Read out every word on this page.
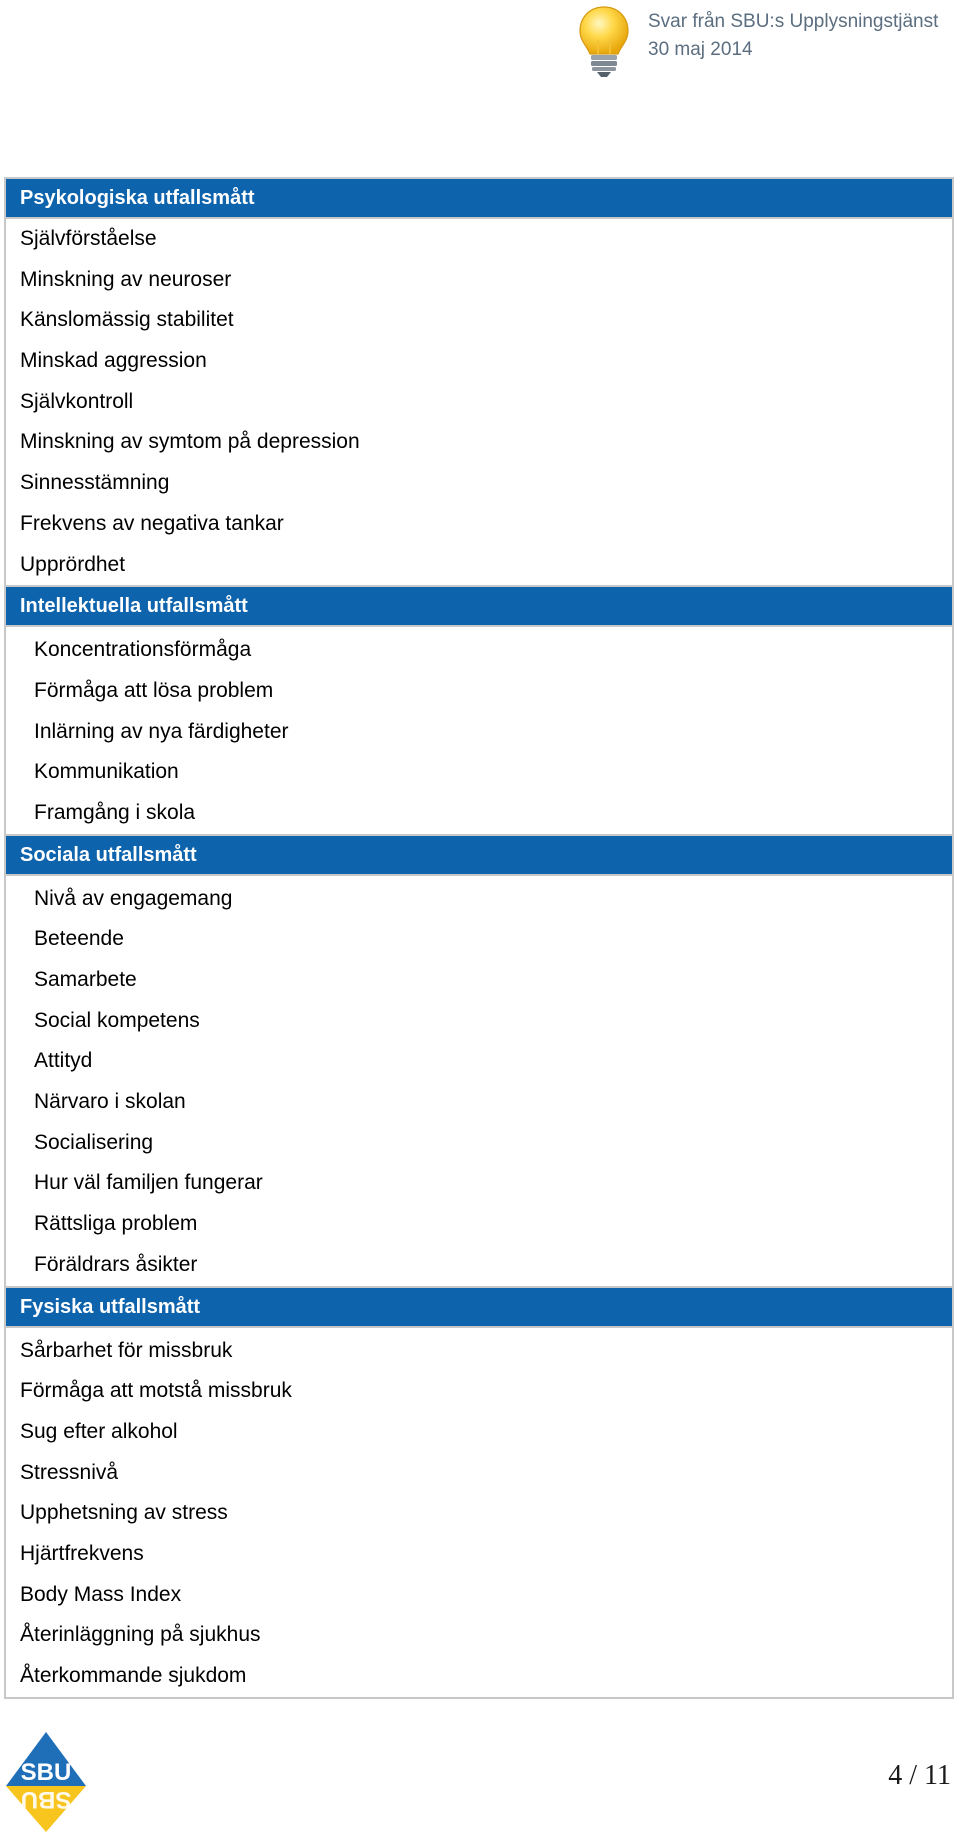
Svar från SBU:s Upplysningstjänst
30 maj 2014
Psykologiska utfallsmått
Självförståelse
Minskning av neuroser
Känslomässig stabilitet
Minskad aggression
Självkontroll
Minskning av symtom på depression
Sinnesstämning
Frekvens av negativa tankar
Upprördhet
Intellektuella utfallsmått
Koncentrationsförmåga
Förmåga att lösa problem
Inlärning av nya färdigheter
Kommunikation
Framgång i skola
Sociala utfallsmått
Nivå av engagemang
Beteende
Samarbete
Social kompetens
Attityd
Närvaro i skolan
Socialisering
Hur väl familjen fungerar
Rättsliga problem
Föräldrars åsikter
Fysiska utfallsmått
Sårbarhet för missbruk
Förmåga att motstå missbruk
Sug efter alkohol
Stressnivå
Upphetsning av stress
Hjärtfrekvens
Body Mass Index
Återinläggning på sjukhus
Återkommande sjukdom
SBU
SBU
4 / 11
